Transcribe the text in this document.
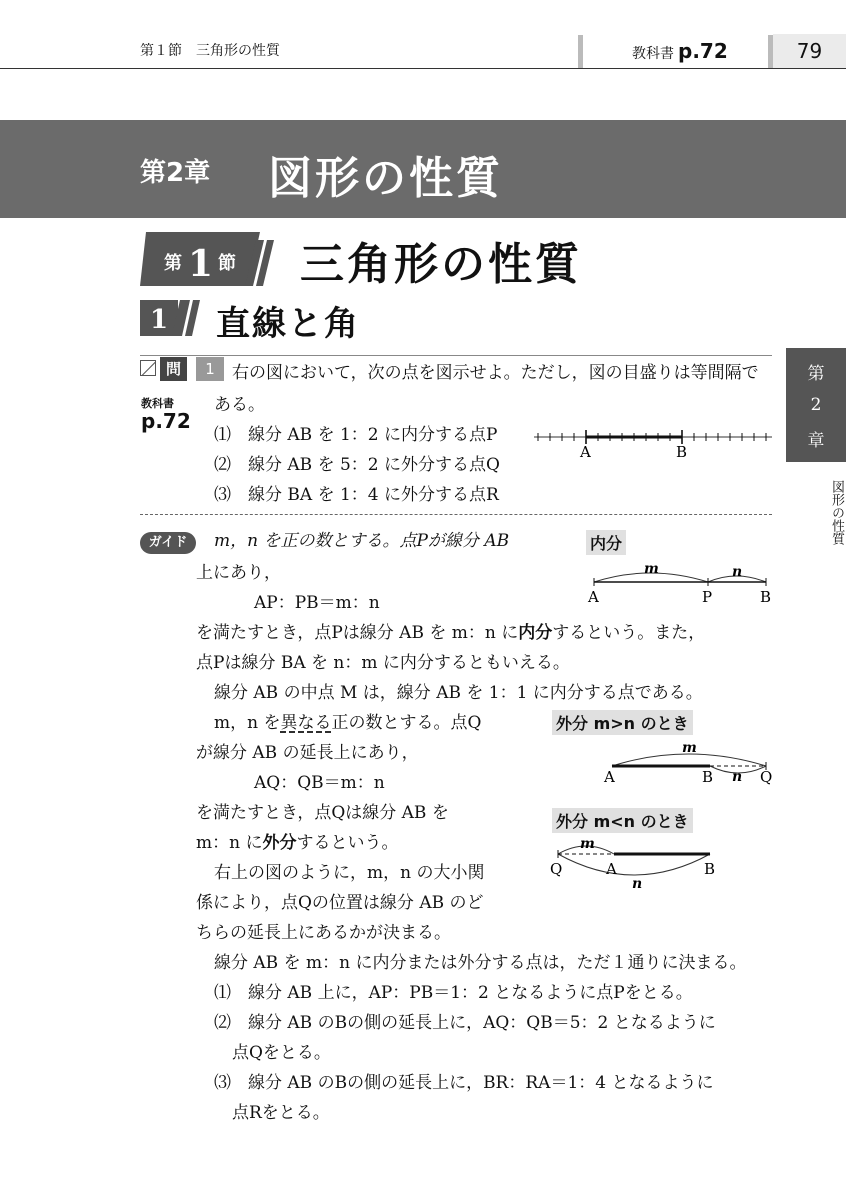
第１節　三角形の性質	教科書 p.72	79
第2章 図形の性質
第 1 節 三角形の性質
1 直線と角
第
2
章
図形の性質
問	1	右の図において，次の点を図示せよ。ただし，図の目盛りは等間隔で
教科書
p.72
ある。
⑴　線分 AB を 1：2 に内分する点P
⑵　線分 AB を 5：2 に外分する点Q
⑶　線分 BA を 1：4 に外分する点R
A	B
ガイド	m，n を正の数とする。点Pが線分 AB
上にあり，
AP：PB＝m：n
を満たすとき，点Pは線分 AB を m：n に内分するという。また，
点Pは線分 BA を n：m に内分するともいえる。
線分 AB の中点 M は，線分 AB を 1：1 に内分する点である。
m，n を異なる正の数とする。点Q
が線分 AB の延長上にあり，
AQ：QB＝m：n
を満たすとき，点Qは線分 AB を
m：n に外分するという。
右上の図のように，m，n の大小関
係により，点Qの位置は線分 AB のど
ちらの延長上にあるかが決まる。
線分 AB を m：n に内分または外分する点は，ただ１通りに決まる。
⑴　線分 AB 上に，AP：PB＝1：2 となるように点Pをとる。
⑵　線分 AB のBの側の延長上に，AQ：QB＝5：2 となるように
点Qをとる。
⑶　線分 AB のBの側の延長上に，BR：RA＝1：4 となるように
点Rをとる。
内分
外分 m>n のとき
外分 m<n のとき
m	n
A	P	B
m
n
A	B	Q
m
n
Q	A	B
